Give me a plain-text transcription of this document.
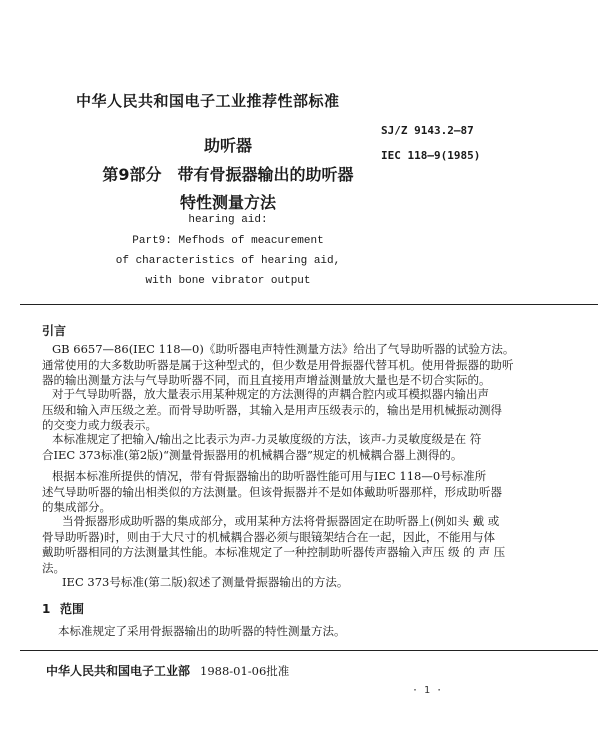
中华人民共和国电子工业推荐性部标准
SJ/Z 9143.2—87
IEC 118—9(1985)
助听器
第9部分　带有骨振器输出的助听器
特性测量方法
hearing aid:
Part9: Mefhods of meacurement
of characteristics of hearing aid,
with bone vibrator output
引言
GB 6657—86(IEC 118—0)《助听器电声特性测量方法》给出了气导助听器的试验方法。
通常使用的大多数助听器是属于这种型式的，但少数是用骨振器代替耳机。使用骨振器的助听
器的输出测量方法与气导助听器不同，而且直接用声增益测量放大量也是不切合实际的。
对于气导助听器，放大量表示用某种规定的方法测得的声耦合腔内或耳模拟器内输出声
压级和输入声压级之差。而骨导助听器，其输入是用声压级表示的，输出是用机械振动测得
的交变力或力级表示。
本标准规定了把输入/输出之比表示为声-力灵敏度级的方法，该声-力灵敏度级是在 符
合IEC 373标准(第2版)“测量骨振器用的机械耦合器”规定的机械耦合器上测得的。
根据本标准所提供的情况，带有骨振器输出的助听器性能可用与IEC 118—0号标准所
述气导助听器的输出相类似的方法测量。但该骨振器并不是如体戴助听器那样，形成助听器
的集成部分。
当骨振器形成助听器的集成部分，或用某种方法将骨振器固定在助听器上(例如头 戴 或
骨导助听器)时，则由于大尺寸的机械耦合器必须与眼镜架结合在一起，因此，不能用与体
戴助听器相同的方法测量其性能。本标准规定了一种控制助听器传声器输入声压 级 的 声 压
法。
IEC 373号标准(第二版)叙述了测量骨振器输出的方法。
1 范围
本标准规定了采用骨振器输出的助听器的特性测量方法。
中华人民共和国电子工业部 1988-01-06批准
· 1 ·
